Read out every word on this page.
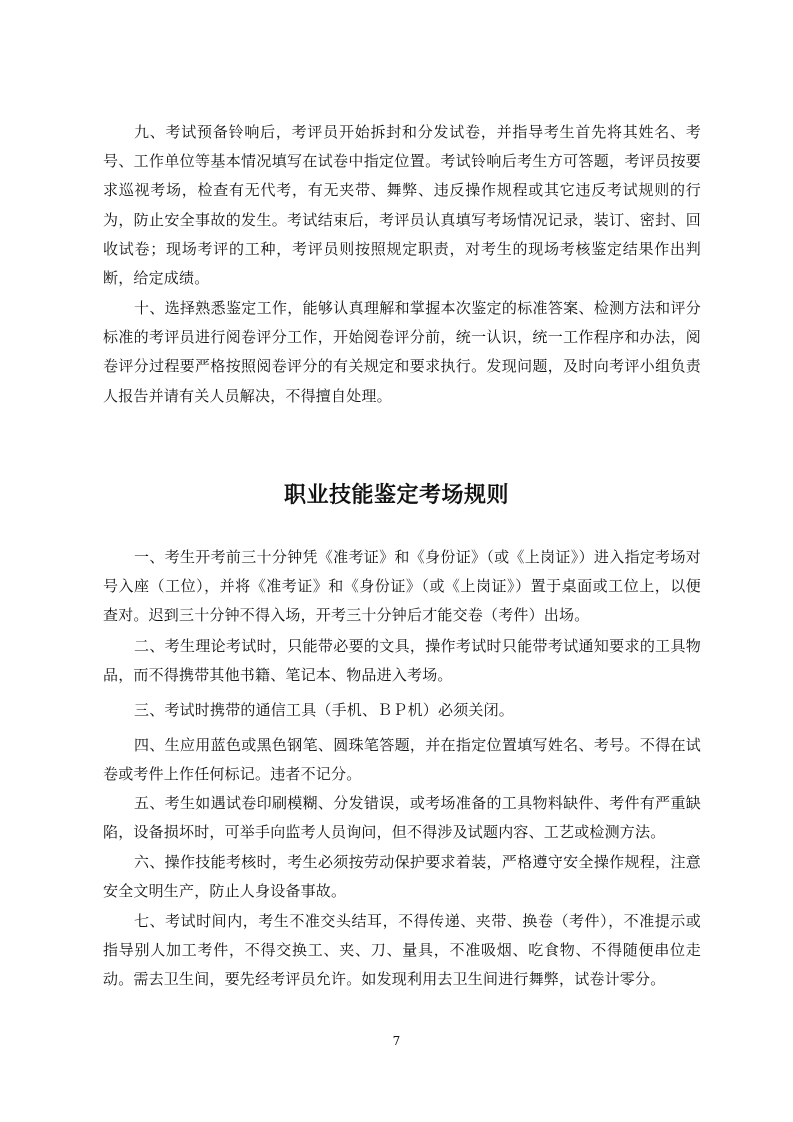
九、考试预备铃响后，考评员开始拆封和分发试卷，并指导考生首先将其姓名、考号、工作单位等基本情况填写在试卷中指定位置。考试铃响后考生方可答题，考评员按要求巡视考场，检查有无代考，有无夹带、舞弊、违反操作规程或其它违反考试规则的行为，防止安全事故的发生。考试结束后，考评员认真填写考场情况记录，装订、密封、回收试卷；现场考评的工种，考评员则按照规定职责，对考生的现场考核鉴定结果作出判断，给定成绩。

十、选择熟悉鉴定工作，能够认真理解和掌握本次鉴定的标准答案、检测方法和评分标准的考评员进行阅卷评分工作，开始阅卷评分前，统一认识，统一工作程序和办法，阅卷评分过程要严格按照阅卷评分的有关规定和要求执行。发现问题，及时向考评小组负责人报告并请有关人员解决，不得擅自处理。

职业技能鉴定考场规则

一、考生开考前三十分钟凭《准考证》和《身份证》（或《上岗证》）进入指定考场对号入座（工位），并将《准考证》和《身份证》（或《上岗证》）置于桌面或工位上，以便查对。迟到三十分钟不得入场，开考三十分钟后才能交卷（考件）出场。

二、考生理论考试时，只能带必要的文具，操作考试时只能带考试通知要求的工具物品，而不得携带其他书籍、笔记本、物品进入考场。

三、考试时携带的通信工具（手机、ＢＰ机）必须关闭。

四、生应用蓝色或黑色钢笔、圆珠笔答题，并在指定位置填写姓名、考号。不得在试卷或考件上作任何标记。违者不记分。

五、考生如遇试卷印刷模糊、分发错误，或考场准备的工具物料缺件、考件有严重缺陷，设备损坏时，可举手向监考人员询问，但不得涉及试题内容、工艺或检测方法。

六、操作技能考核时，考生必须按劳动保护要求着装，严格遵守安全操作规程，注意安全文明生产，防止人身设备事故。

七、考试时间内，考生不准交头结耳，不得传递、夹带、换卷（考件），不准提示或指导别人加工考件，不得交换工、夹、刀、量具，不准吸烟、吃食物、不得随便串位走动。需去卫生间，要先经考评员允许。如发现利用去卫生间进行舞弊，试卷计零分。

7
